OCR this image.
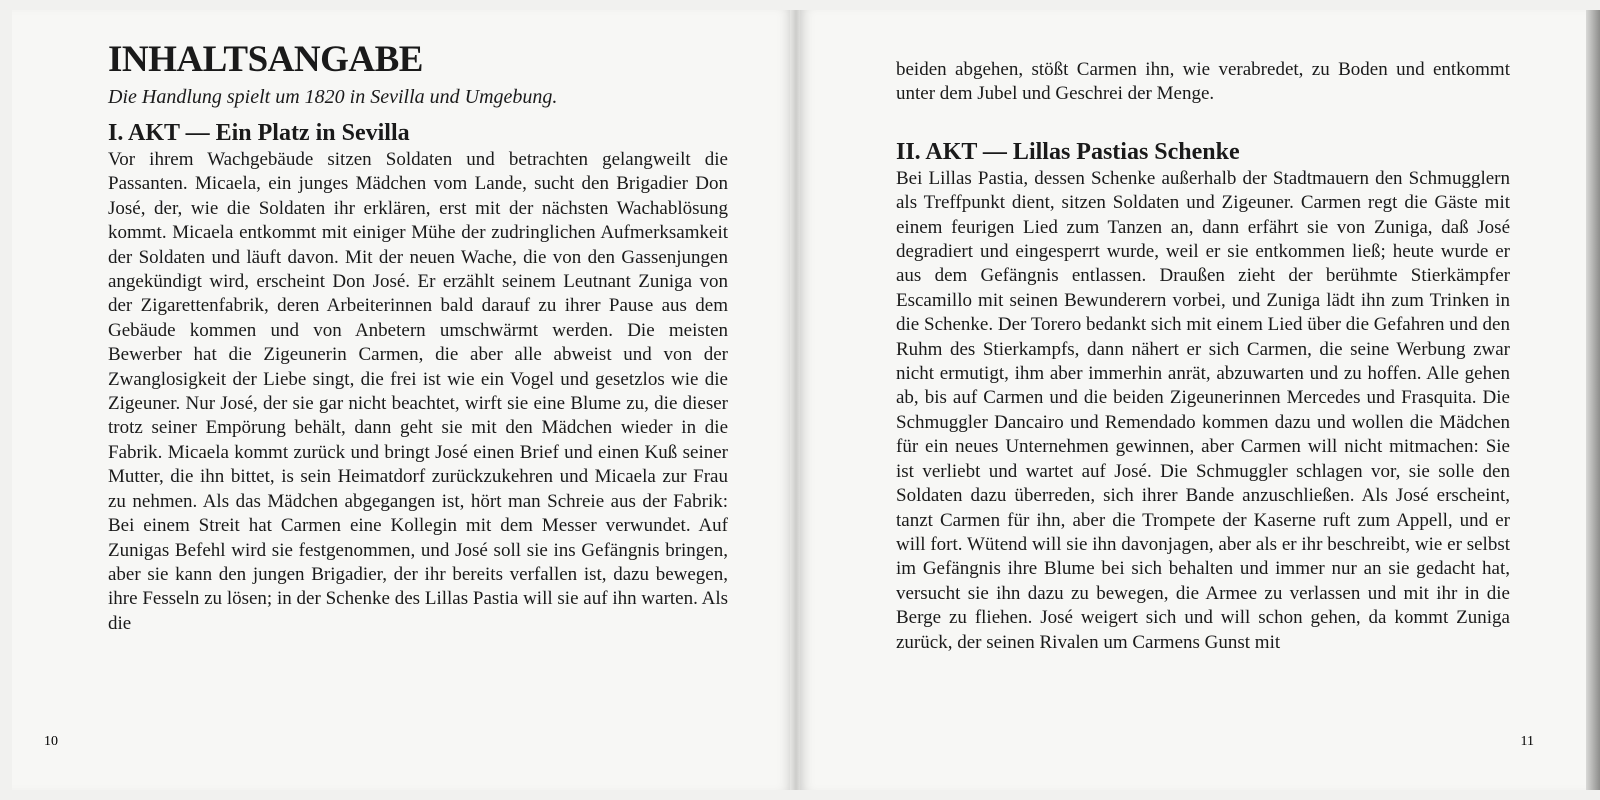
INHALTSANGABE
Die Handlung spielt um 1820 in Sevilla und Umgebung.
I. AKT — Ein Platz in Sevilla

Vor ihrem Wachgebäude sitzen Soldaten und betrachten gelangweilt die Passanten. Micaela, ein junges Mädchen vom Lande, sucht den Brigadier Don José, der, wie die Soldaten ihr erklären, erst mit der nächsten Wachablösung kommt. Micaela entkommt mit einiger Mühe der zudringlichen Aufmerksamkeit der Soldaten und läuft davon. Mit der neuen Wache, die von den Gassenjungen angekündigt wird, erscheint Don José. Er erzählt seinem Leutnant Zuniga von der Zigarettenfabrik, deren Arbeiterinnen bald darauf zu ihrer Pause aus dem Gebäude kommen und von Anbetern umschwärmt werden. Die meisten Bewerber hat die Zigeunerin Carmen, die aber alle abweist und von der Zwanglosigkeit der Liebe singt, die frei ist wie ein Vogel und gesetzlos wie die Zigeuner. Nur José, der sie gar nicht beachtet, wirft sie eine Blume zu, die dieser trotz seiner Empörung behält, dann geht sie mit den Mädchen wieder in die Fabrik. Micaela kommt zurück und bringt José einen Brief und einen Kuß seiner Mutter, die ihn bittet, is sein Heimatdorf zurückzukehren und Micaela zur Frau zu nehmen. Als das Mädchen abgegangen ist, hört man Schreie aus der Fabrik: Bei einem Streit hat Carmen eine Kollegin mit dem Messer verwundet. Auf Zunigas Befehl wird sie festgenommen, und José soll sie ins Gefängnis bringen, aber sie kann den jungen Brigadier, der ihr bereits verfallen ist, dazu bewegen, ihre Fesseln zu lösen; in der Schenke des Lillas Pastia will sie auf ihn warten. Als die

10

beiden abgehen, stößt Carmen ihn, wie verabredet, zu Boden und entkommt unter dem Jubel und Geschrei der Menge.

II. AKT — Lillas Pastias Schenke

Bei Lillas Pastia, dessen Schenke außerhalb der Stadtmauern den Schmugglern als Treffpunkt dient, sitzen Soldaten und Zigeuner. Carmen regt die Gäste mit einem feurigen Lied zum Tanzen an, dann erfährt sie von Zuniga, daß José degradiert und eingesperrt wurde, weil er sie entkommen ließ; heute wurde er aus dem Gefängnis entlassen. Draußen zieht der berühmte Stierkämpfer Escamillo mit seinen Bewunderern vorbei, und Zuniga lädt ihn zum Trinken in die Schenke. Der Torero bedankt sich mit einem Lied über die Gefahren und den Ruhm des Stierkampfs, dann nähert er sich Carmen, die seine Werbung zwar nicht ermutigt, ihm aber immerhin anrät, abzuwarten und zu hoffen. Alle gehen ab, bis auf Carmen und die beiden Zigeunerinnen Mercedes und Frasquita. Die Schmuggler Dancairo und Remendado kommen dazu und wollen die Mädchen für ein neues Unternehmen gewinnen, aber Carmen will nicht mitmachen: Sie ist verliebt und wartet auf José. Die Schmuggler schlagen vor, sie solle den Soldaten dazu überreden, sich ihrer Bande anzuschließen. Als José erscheint, tanzt Carmen für ihn, aber die Trompete der Kaserne ruft zum Appell, und er will fort. Wütend will sie ihn davonjagen, aber als er ihr beschreibt, wie er selbst im Gefängnis ihre Blume bei sich behalten und immer nur an sie gedacht hat, versucht sie ihn dazu zu bewegen, die Armee zu verlassen und mit ihr in die Berge zu fliehen. José weigert sich und will schon gehen, da kommt Zuniga zurück, der seinen Rivalen um Carmens Gunst mit

11
